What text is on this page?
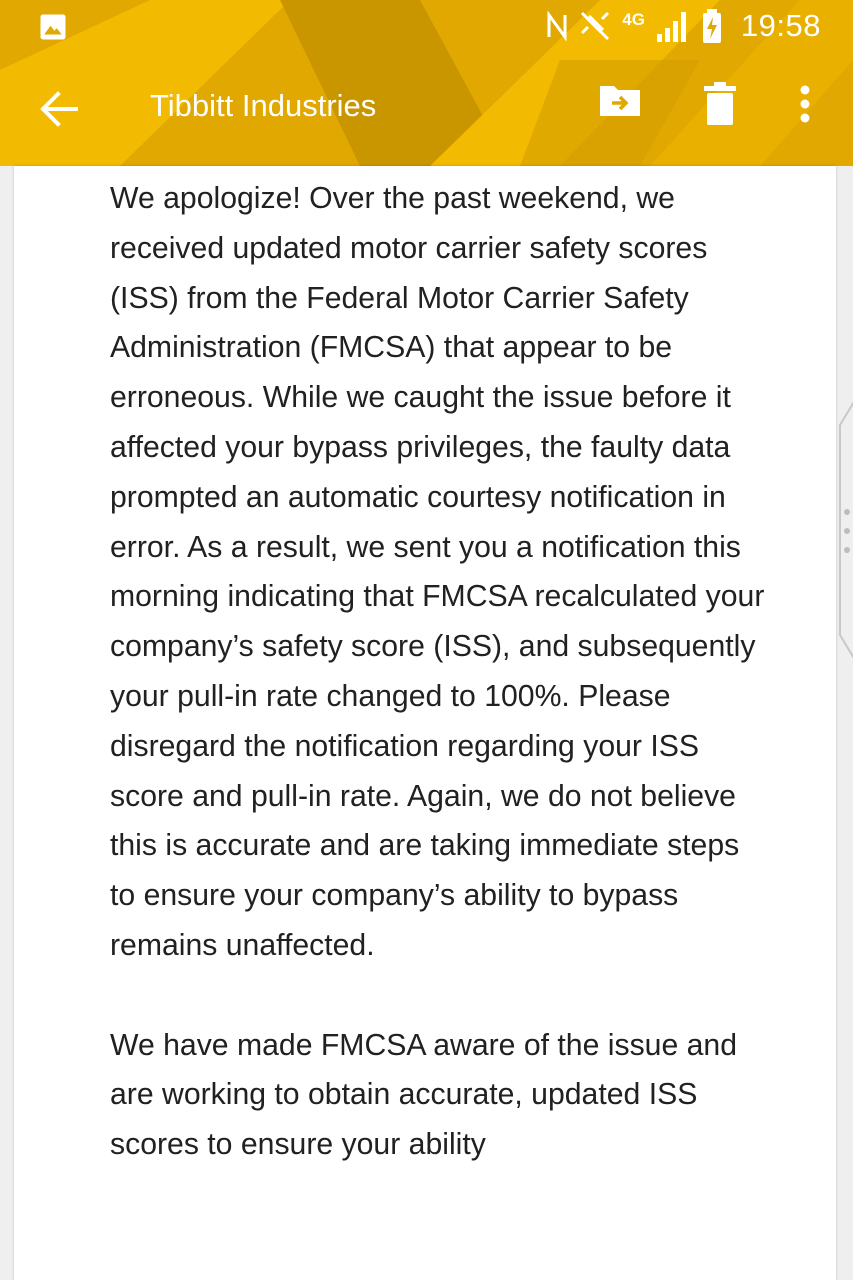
4G	19:58
Tibbitt Industries

We apologize! Over the past weekend, we received updated motor carrier safety scores (ISS) from the Federal Motor Carrier Safety Administration (FMCSA) that appear to be erroneous. While we caught the issue before it affected your bypass privileges, the faulty data prompted an automatic courtesy notification in error. As a result, we sent you a notification this morning indicating that FMCSA recalculated your company’s safety score (ISS), and subsequently your pull-in rate changed to 100%. Please disregard the notification regarding your ISS score and pull-in rate. Again, we do not believe this is accurate and are taking immediate steps to ensure your company’s ability to bypass remains unaffected.

We have made FMCSA aware of the issue and are working to obtain accurate, updated ISS scores to ensure your ability
